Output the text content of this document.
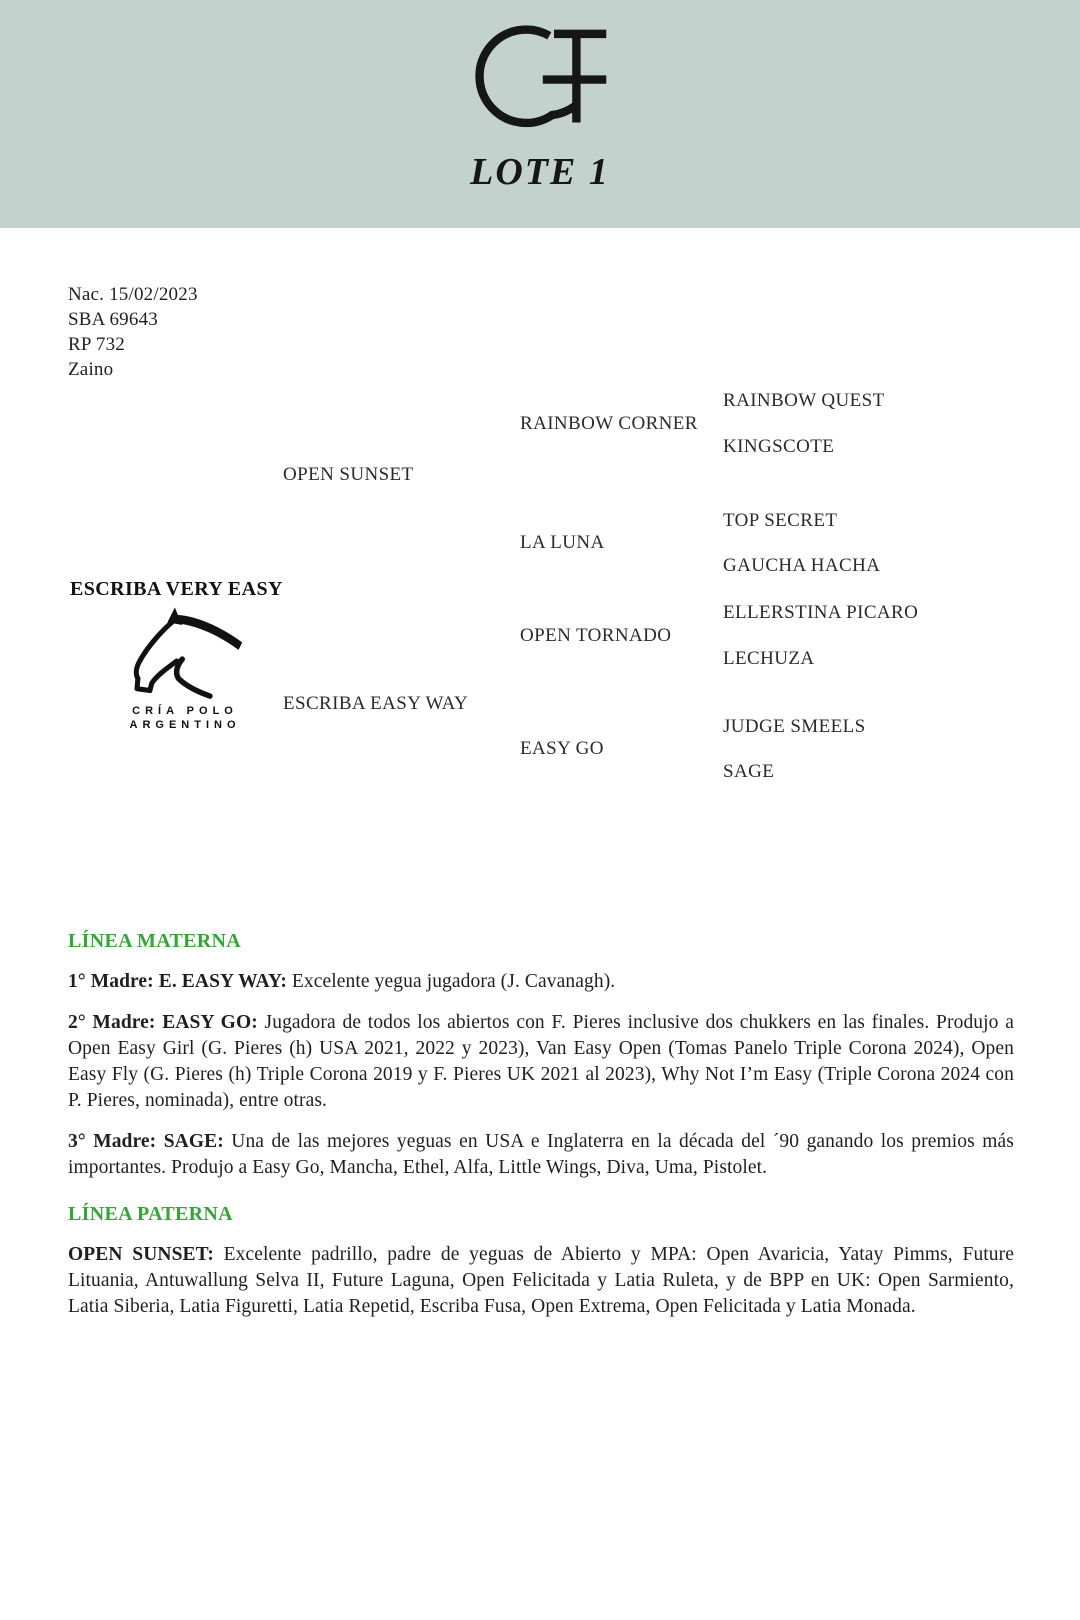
LOTE 1
Nac. 15/02/2023
SBA 69643
RP 732
Zaino
ESCRIBA VERY EASY
OPEN SUNSET
ESCRIBA EASY WAY
RAINBOW CORNER
LA LUNA
OPEN TORNADO
EASY GO
RAINBOW QUEST
KINGSCOTE
TOP SECRET
GAUCHA HACHA
ELLERSTINA PICARO
LECHUZA
JUDGE SMEELS
SAGE
CRÍA POLO
ARGENTINO
LÍNEA MATERNA

1° Madre: E. EASY WAY: Excelente yegua jugadora (J. Cavanagh).

2° Madre: EASY GO: Jugadora de todos los abiertos con F. Pieres inclusive dos chukkers en las finales. Produjo a Open Easy Girl (G. Pieres (h) USA 2021, 2022 y 2023), Van Easy Open (Tomas Panelo Triple Corona 2024), Open Easy Fly (G. Pieres (h) Triple Corona 2019 y F. Pieres UK 2021 al 2023), Why Not I’m Easy (Triple Corona 2024 con P. Pieres, nominada), entre otras.

3° Madre: SAGE: Una de las mejores yeguas en USA e Inglaterra en la década del ´90 ganando los premios más importantes. Produjo a Easy Go, Mancha, Ethel, Alfa, Little Wings, Diva, Uma, Pistolet.

LÍNEA PATERNA

OPEN SUNSET: Excelente padrillo, padre de yeguas de Abierto y MPA: Open Avaricia, Yatay Pimms, Future Lituania, Antuwallung Selva II, Future Laguna, Open Felicitada y Latia Ruleta, y de BPP en UK: Open Sarmiento, Latia Siberia, Latia Figuretti, Latia Repetid, Escriba Fusa, Open Extrema, Open Felicitada y Latia Monada.
